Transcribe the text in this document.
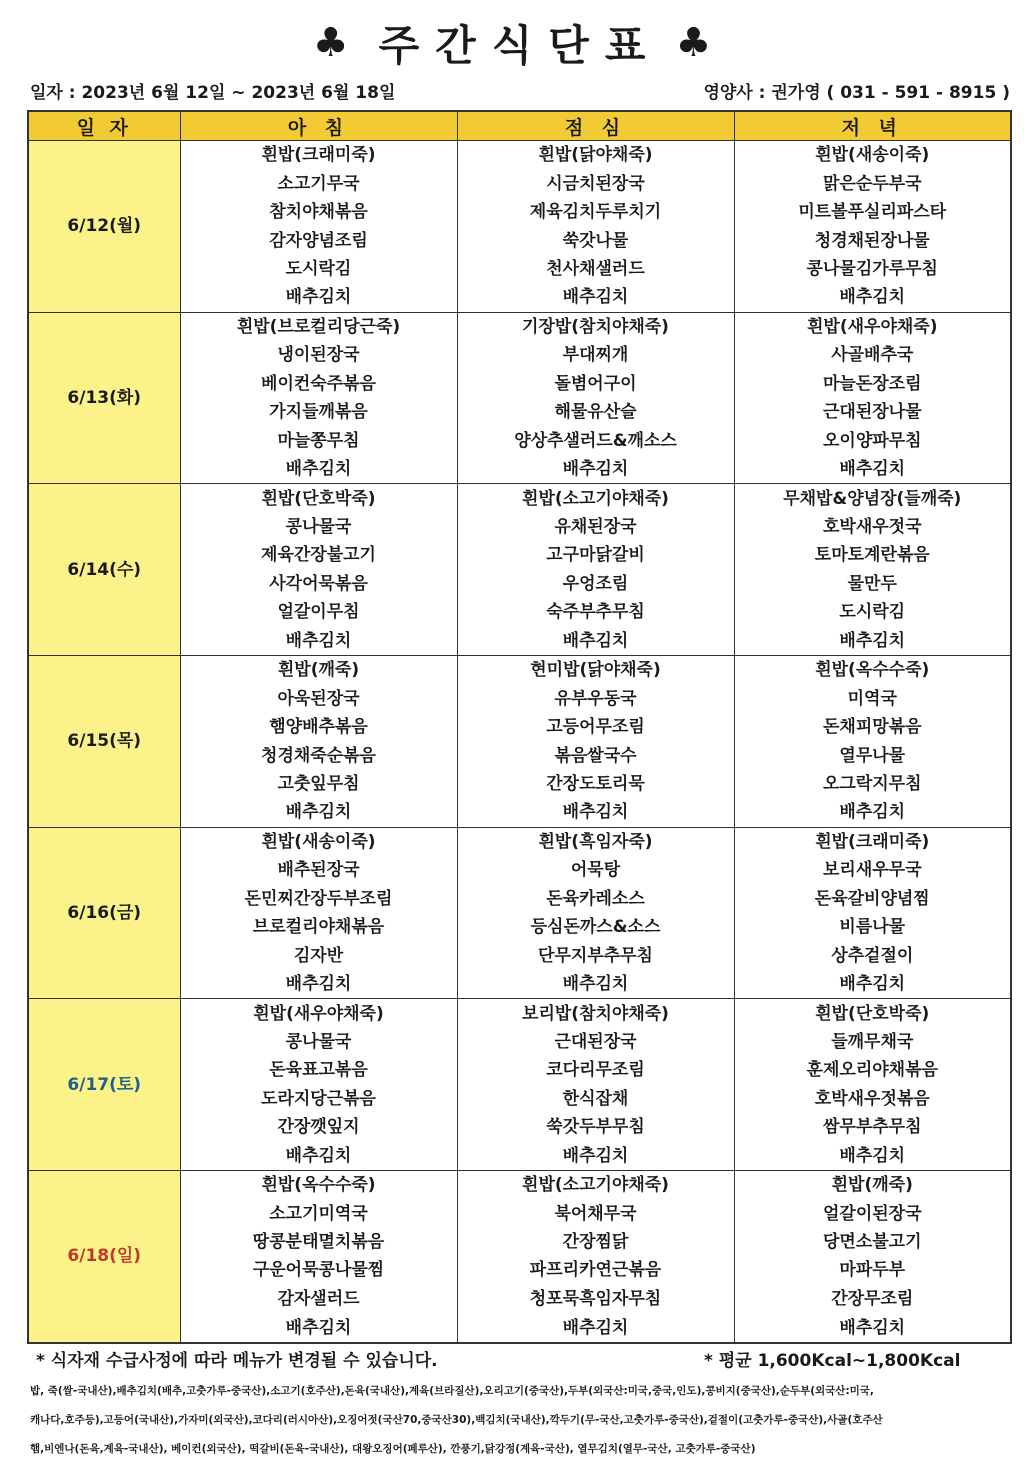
♣ 주간식단표 ♣
일자 : 2023년 6월 12일 ~ 2023년 6월 18일	영양사 : 권가영 ( 031 - 591 - 8915 )
일 자	아 침	점 심	저 녁
6/12(월)	흰밥(크래미죽)	흰밥(닭야채죽)	흰밥(새송이죽)
	소고기무국	시금치된장국	맑은순두부국
	참치야채볶음	제육김치두루치기	미트볼푸실리파스타
	감자양념조림	쑥갓나물	청경채된장나물
	도시락김	천사채샐러드	콩나물김가루무침
	배추김치	배추김치	배추김치
6/13(화)	흰밥(브로컬리당근죽)	기장밥(참치야채죽)	흰밥(새우야채죽)
	냉이된장국	부대찌개	사골배추국
	베이컨숙주볶음	돌볌어구이	마늘돈장조림
	가지들깨볶음	해물유산슬	근대된장나물
	마늘쫑무침	양상추샐러드&깨소스	오이양파무침
	배추김치	배추김치	배추김치
6/14(수)	흰밥(단호박죽)	흰밥(소고기야채죽)	무채밥&양념장(들깨죽)
	콩나물국	유채된장국	호박새우젓국
	제육간장불고기	고구마닭갈비	토마토계란볶음
	사각어묵볶음	우엉조림	물만두
	얼갈이무침	숙주부추무침	도시락김
	배추김치	배추김치	배추김치
6/15(목)	흰밥(깨죽)	현미밥(닭야채죽)	흰밥(옥수수죽)
	아욱된장국	유부우동국	미역국
	햄양배추볶음	고등어무조림	돈채피망볶음
	청경채죽순볶음	볶음쌀국수	열무나물
	고춧잎무침	간장도토리묵	오그락지무침
	배추김치	배추김치	배추김치
6/16(금)	흰밥(새송이죽)	흰밥(흑임자죽)	흰밥(크래미죽)
	배추된장국	어묵탕	보리새우무국
	돈민찌간장두부조림	돈육카레소스	돈육갈비양념찜
	브로컬리야채볶음	등심돈까스&소스	비름나물
	김자반	단무지부추무침	상추겉절이
	배추김치	배추김치	배추김치
6/17(토)	흰밥(새우야채죽)	보리밥(참치야채죽)	흰밥(단호박죽)
	콩나물국	근대된장국	들깨무채국
	돈육표고볶음	코다리무조림	훈제오리야채볶음
	도라지당근볶음	한식잡채	호박새우젓볶음
	간장깻잎지	쑥갓두부무침	쌈무부추무침
	배추김치	배추김치	배추김치
6/18(일)	흰밥(옥수수죽)	흰밥(소고기야채죽)	흰밥(깨죽)
	소고기미역국	북어채무국	얼갈이된장국
	땅콩분태멸치볶음	간장찜닭	당면소불고기
	구운어묵콩나물찜	파프리카연근볶음	마파두부
	감자샐러드	청포묵흑임자무침	간장무조림
	배추김치	배추김치	배추김치
* 식자재 수급사정에 따라 메뉴가 변경될 수 있습니다.	* 평균 1,600Kcal~1,800Kcal
밥, 죽(쌀-국내산),배추김치(배추,고춧가루-중국산),소고기(호주산),돈육(국내산),계육(브라질산),오리고기(중국산),두부(외국산:미국,중국,인도),콩비지(중국산),순두부(외국산:미국,
캐나다,호주등),고등어(국내산),가자미(외국산),코다리(러시아산),오징어젓(국산70,중국산30),백김치(국내산),깍두기(무-국산,고춧가루-중국산),겉절이(고춧가루-중국산),사골(호주산
햄,비엔나(돈육,계육-국내산), 베이컨(외국산), 떡갈비(돈육-국내산), 대왕오징어(페루산), 깐풍기,닭강정(계육-국산), 열무김치(열무-국산, 고춧가루-중국산)
